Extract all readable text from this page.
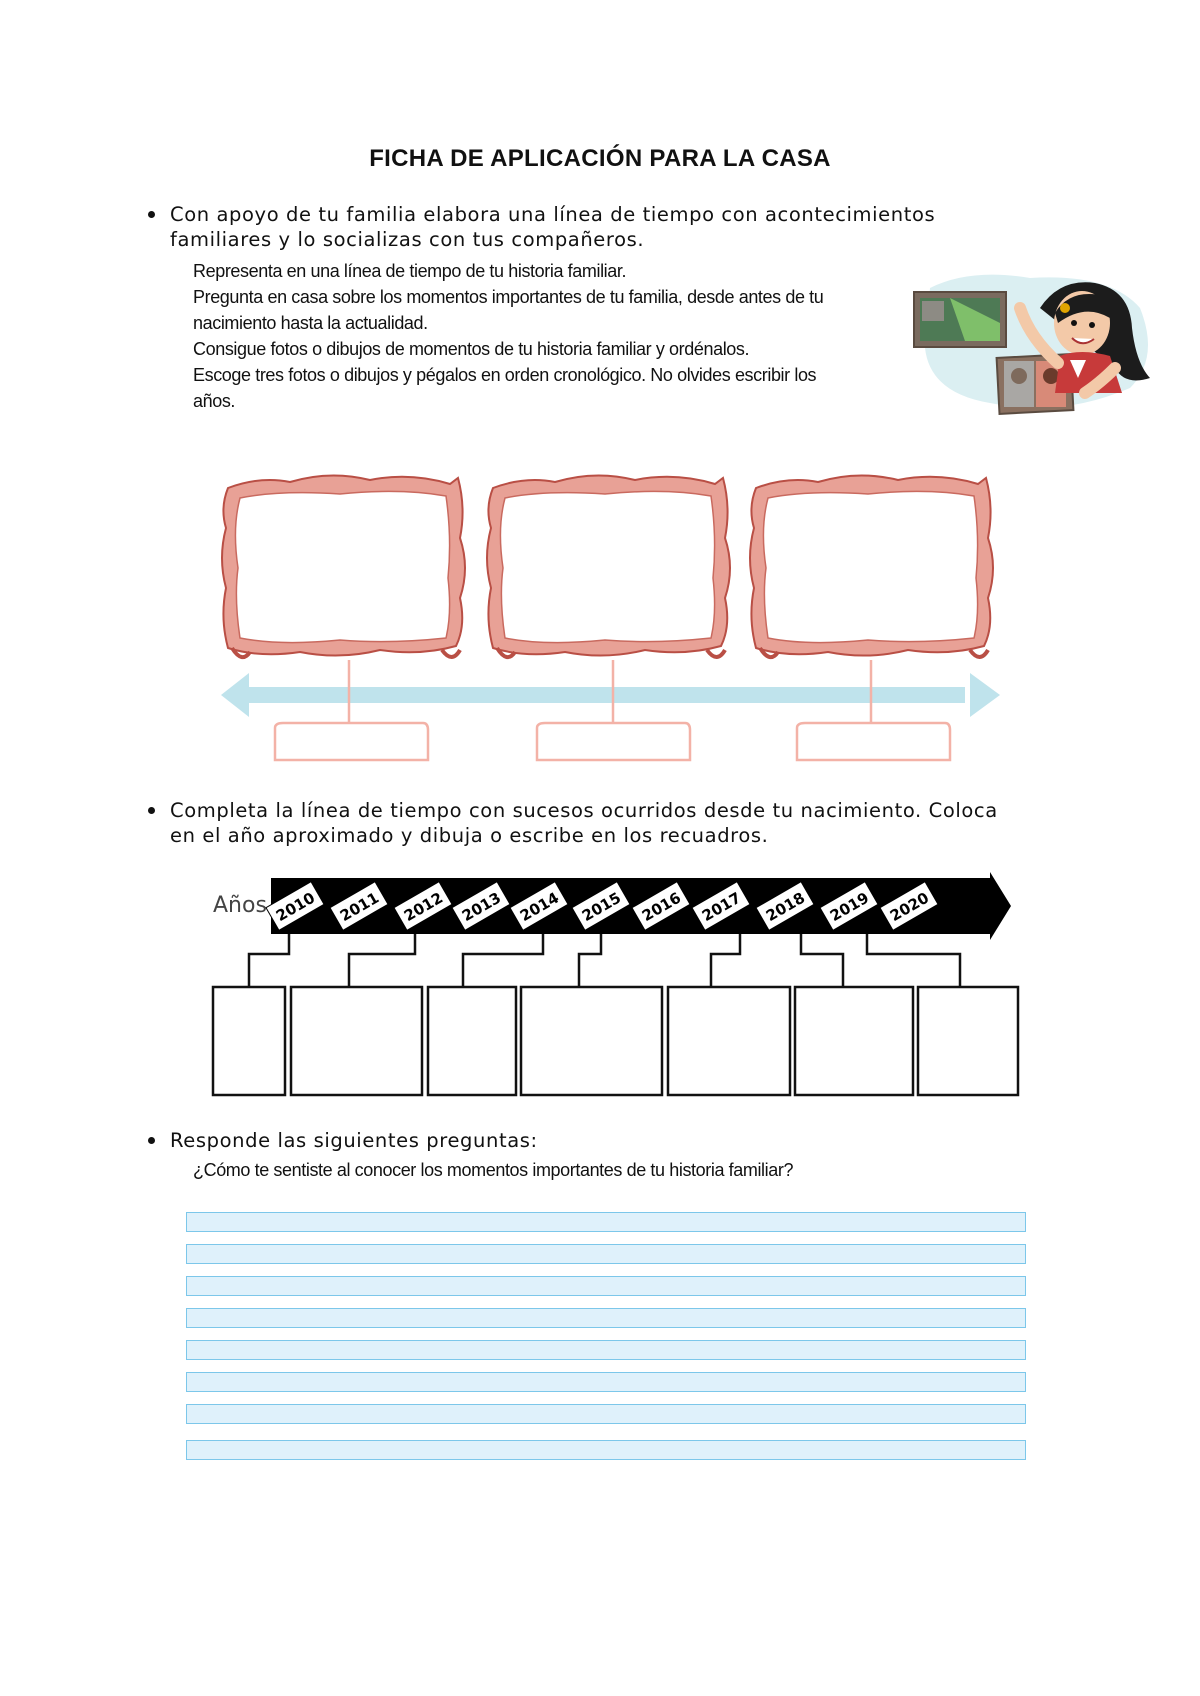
FICHA DE APLICACIÓN PARA LA CASA
Con apoyo de tu familia elabora una línea de tiempo con acontecimientos familiares y lo socializas con tus compañeros.
Representa en una línea de tiempo de tu historia familiar.
Pregunta en casa sobre los momentos importantes de tu familia, desde antes de tu
nacimiento hasta la actualidad.
Consigue fotos o dibujos de momentos de tu historia familiar y ordénalos.
Escoge tres fotos o dibujos y pégalos en orden cronológico. No olvides escribir los
años.
Completa la línea de tiempo con sucesos ocurridos desde tu nacimiento. Coloca en el año aproximado y dibuja o escribe en los recuadros.
Años 2010 2011 2012 2013 2014 2015 2016 2017 2018 2019 2020
Responde las siguientes preguntas:
¿Cómo te sentiste al conocer los momentos importantes de tu historia familiar?
